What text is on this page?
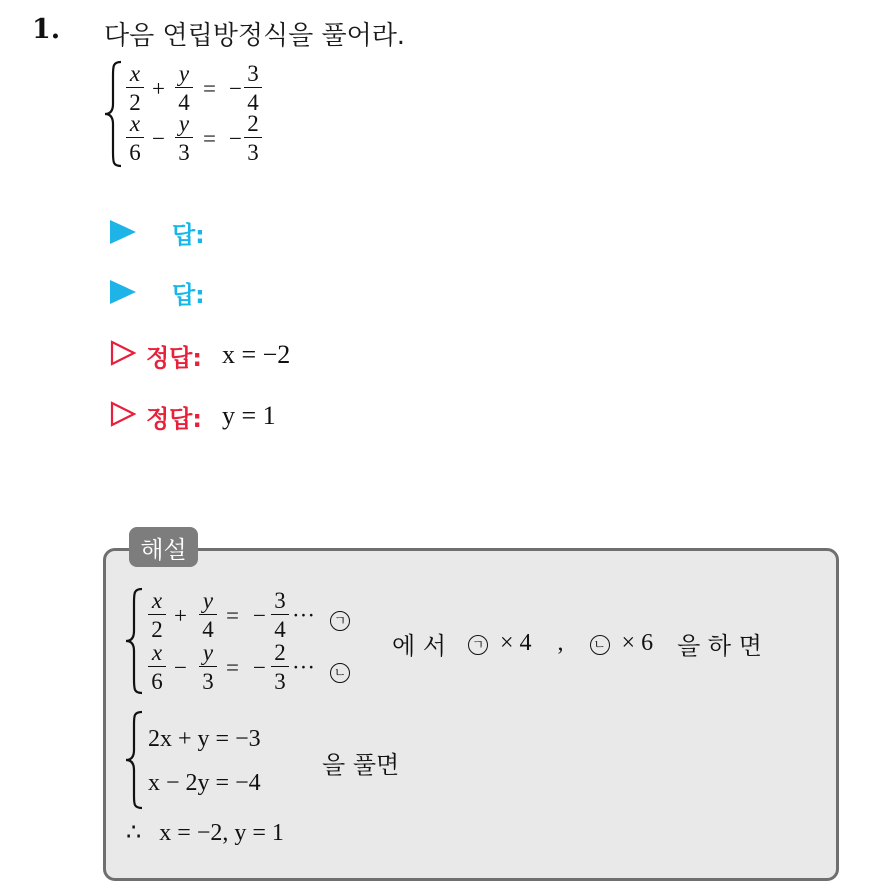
1. 다음 연립방정식을 풀어라.
x
2
+
y
4
= −
3
4
x
6
−
y
3
= −
2
3
답:
답:
정답: x = −2
정답: y = 1
해설
x
2
+
y
4
= −
3
4
··· ㄱ
x
6
−
y
3
= −
2
3
··· ㄴ
에 서 ㄱ × 4 , ㄴ × 6 을 하 면
2x + y = −3
x − 2y = −4
을 풀면
∴ x = −2, y = 1
